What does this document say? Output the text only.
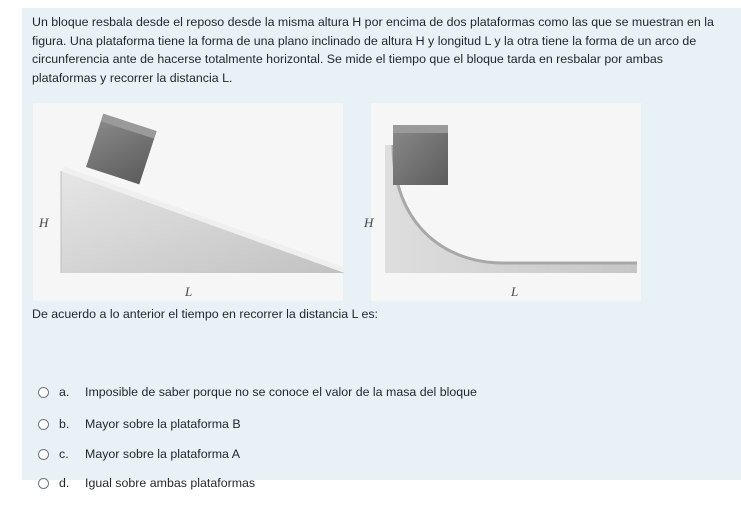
Un bloque resbala desde el reposo desde la misma altura H por encima de dos plataformas como las que se muestran en la figura. Una plataforma tiene la forma de una plano inclinado de altura H y longitud L y la otra tiene la forma de un arco de circunferencia ante de hacerse totalmente horizontal. Se mide el tiempo que el bloque tarda en resbalar por ambas plataformas y recorrer la distancia L.
H
L
H
L
De acuerdo a lo anterior el tiempo en recorrer la distancia L es:
a.	Imposible de saber porque no se conoce el valor de la masa del bloque
b.	Mayor sobre la plataforma B
c.	Mayor sobre la plataforma A
d.	Igual sobre ambas plataformas
